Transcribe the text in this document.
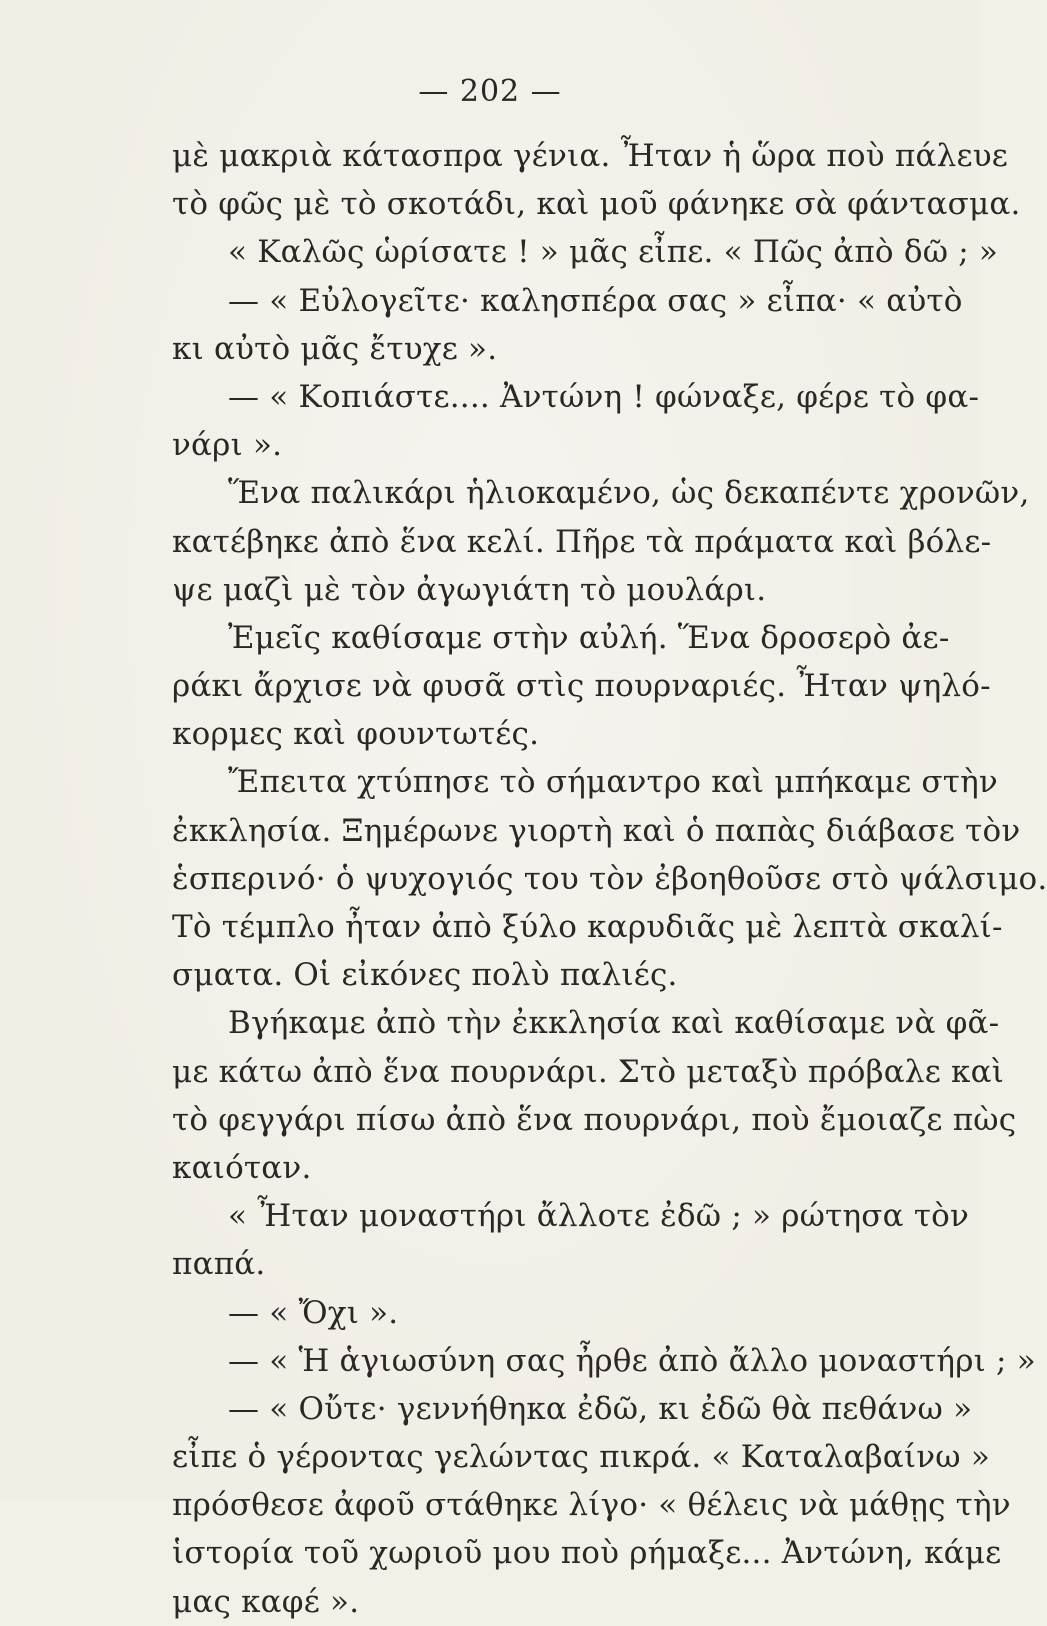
— 202 —
μὲ μακριὰ κάτασπρα γένια. Ἦταν ἡ ὥρα ποὺ πάλευε
τὸ φῶς μὲ τὸ σκοτάδι, καὶ μοῦ φάνηκε σὰ φάντασμα.
« Καλῶς ὡρίσατε ! » μᾶς εἶπε. « Πῶς ἀπὸ δῶ ; »
— « Εὐλογεῖτε· καλησπέρα σας » εἶπα· « αὐτὸ
κι αὐτὸ μᾶς ἔτυχε ».
— « Κοπιάστε.... Ἀντώνη ! φώναξε, φέρε τὸ φα-
νάρι ».
Ἕνα παλικάρι ἡλιοκαμένο, ὡς δεκαπέντε χρονῶν,
κατέβηκε ἀπὸ ἕνα κελί. Πῆρε τὰ πράματα καὶ βόλε-
ψε μαζὶ μὲ τὸν ἀγωγιάτη τὸ μουλάρι.
Ἐμεῖς καθίσαμε στὴν αὐλή. Ἕνα δροσερὸ ἀε-
ράκι ἄρχισε νὰ φυσᾶ στὶς πουρναριές. Ἦταν ψηλό-
κορμες καὶ φουντωτές.
Ἔπειτα χτύπησε τὸ σήμαντρο καὶ μπήκαμε στὴν
ἐκκλησία. Ξημέρωνε γιορτὴ καὶ ὁ παπὰς διάβασε τὸν
ἑσπερινό· ὁ ψυχογιός του τὸν ἐβοηθοῦσε στὸ ψάλσιμο.
Τὸ τέμπλο ἦταν ἀπὸ ξύλο καρυδιᾶς μὲ λεπτὰ σκαλί-
σματα. Οἱ εἰκόνες πολὺ παλιές.
Βγήκαμε ἀπὸ τὴν ἐκκλησία καὶ καθίσαμε νὰ φᾶ-
με κάτω ἀπὸ ἕνα πουρνάρι. Στὸ μεταξὺ πρόβαλε καὶ
τὸ φεγγάρι πίσω ἀπὸ ἕνα πουρνάρι, ποὺ ἔμοιαζε πὼς
καιόταν.
« Ἦταν μοναστήρι ἄλλοτε ἐδῶ ; » ρώτησα τὸν
παπά.
— « Ὄχι ».
— « Ἡ ἁγιωσύνη σας ἦρθε ἀπὸ ἄλλο μοναστήρι ; »
— « Οὔτε· γεννήθηκα ἐδῶ, κι ἐδῶ θὰ πεθάνω »
εἶπε ὁ γέροντας γελώντας πικρά. « Καταλαβαίνω »
πρόσθεσε ἀφοῦ στάθηκε λίγο· « θέλεις νὰ μάθῃς τὴν
ἱστορία τοῦ χωριοῦ μου ποὺ ρήμαξε... Ἀντώνη, κάμε
μας καφέ ».
